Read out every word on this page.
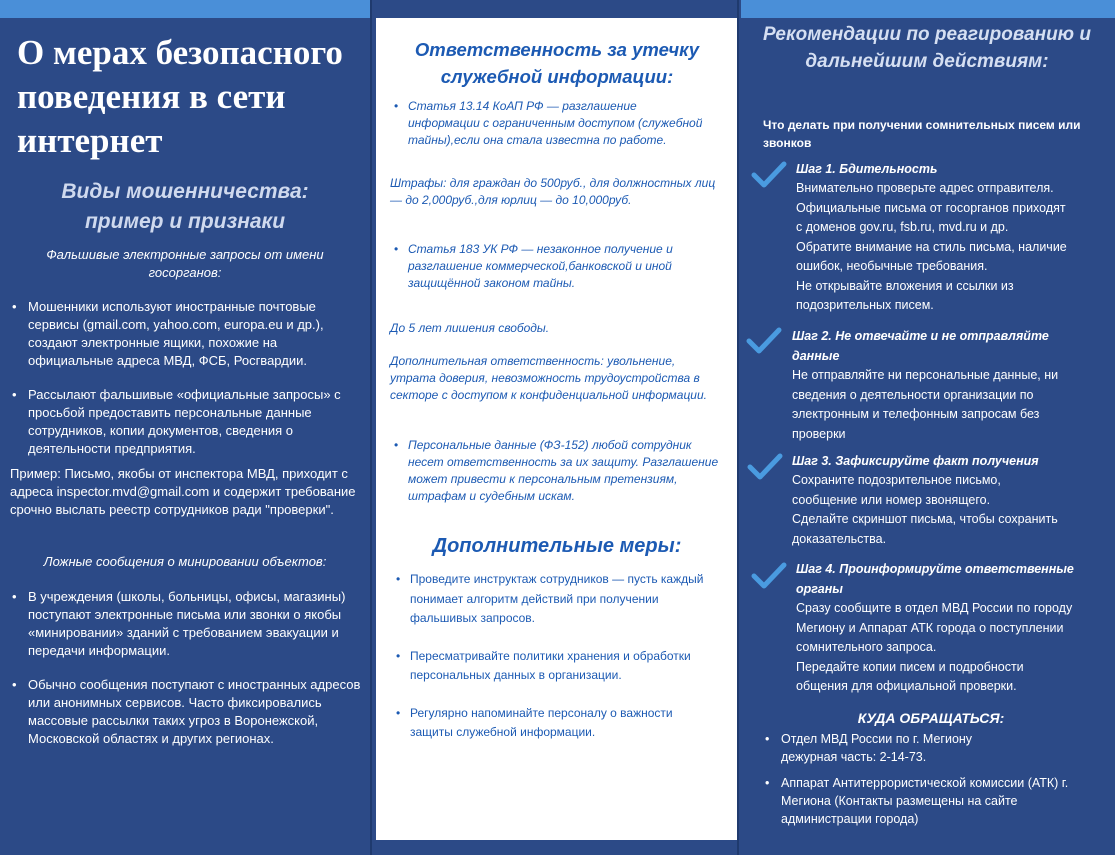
О мерах безопасного поведения в сети интернет
Виды мошенничества: пример и признаки

Фальшивые электронные запросы от имени госорганов:

• Мошенники используют иностранные почтовые сервисы (gmail.com, yahoo.com, europa.eu и др.), создают электронные ящики, похожие на официальные адреса МВД, ФСБ, Росгвардии.
• Рассылают фальшивые «официальные запросы» с просьбой предоставить персональные данные сотрудников, копии документов, сведения о деятельности предприятия.

Пример: Письмо, якобы от инспектора МВД, приходит с адреса inspector.mvd@gmail.com и содержит требование срочно выслать реестр сотрудников ради "проверки".

Ложные сообщения о минировании объектов:

• В учреждения (школы, больницы, офисы, магазины) поступают электронные письма или звонки о якобы «минировании» зданий с требованием эвакуации и передачи информации.
• Обычно сообщения поступают с иностранных адресов или анонимных сервисов. Часто фиксировались массовые рассылки таких угроз в Воронежской, Московской областях и других регионах.
Ответственность за утечку служебной информации:
• Статья 13.14 КоАП РФ — разглашение информации с ограниченным доступом (служебной тайны),если она стала известна по работе.

Штрафы: для граждан до 500руб., для должностных лиц — до 2,000руб.,для юрлиц — до 10,000руб.

• Статья 183 УК РФ — незаконное получение и разглашение коммерческой,банковской и иной защищённой законом тайны.

До 5 лет лишения свободы.

Дополнительная ответственность: увольнение, утрата доверия, невозможность трудоустройства в секторе с доступом к конфиденциальной информации.

• Персональные данные (ФЗ-152) любой сотрудник несет ответственность за их защиту. Разглашение может привести к персональным претензиям, штрафам и судебным искам.
Дополнительные меры:
• Проведите инструктаж сотрудников — пусть каждый понимает алгоритм действий при получении фальшивых запросов.
• Пересматривайте политики хранения и обработки персональных данных в организации.
• Регулярно напоминайте персоналу о важности защиты служебной информации.
Рекомендации по реагированию и дальнейшим действиям:

Что делать при получении сомнительных писем или звонков

Шаг 1. Бдительность

Внимательно проверьте адрес отправителя.

Официальные письма от госорганов приходят

с доменов gov.ru, fsb.ru, mvd.ru и др.

Обратите внимание на стиль письма, наличие

ошибок, необычные требования.

Не открывайте вложения и ссылки из

подозрительных писем.

Шаг 2. Не отвечайте и не отправляйте данные

Не отправляйте ни персональные данные, ни

сведения о деятельности организации по

электронным и телефонным запросам без

проверки

Шаг 3. Зафиксируйте факт получения

Сохраните подозрительное письмо,

сообщение или номер звонящего.

Сделайте скриншот письма, чтобы сохранить

доказательства.

Шаг 4. Проинформируйте ответственные органы

Сразу сообщите в отдел МВД России по городу

Мегиону и Аппарат АТК города о поступлении

сомнительного запроса.

Передайте копии писем и подробности

общения для официальной проверки.

КУДА ОБРАЩАТЬСЯ:
• Отдел МВД России по г. Мегиону дежурная часть: 2-14-73.
• Аппарат Антитеррористической комиссии (АТК) г. Мегиона (Контакты размещены на сайте администрации города)
